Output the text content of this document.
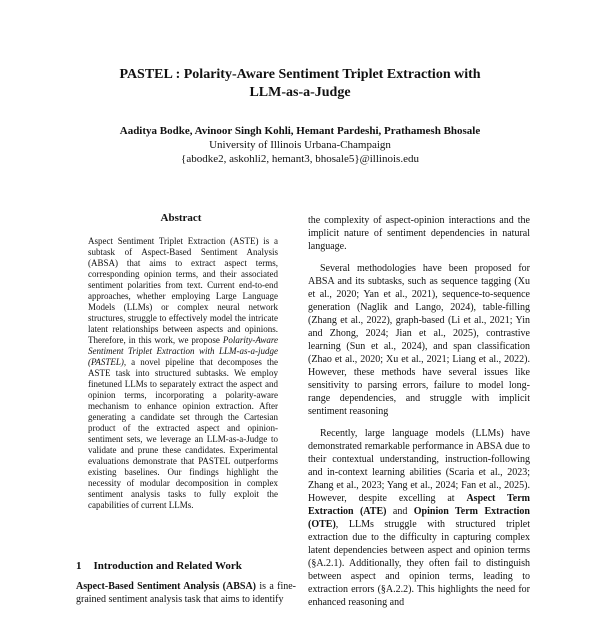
PASTEL : Polarity-Aware Sentiment Triplet Extraction with
LLM-as-a-Judge
Aaditya Bodke, Avinoor Singh Kohli, Hemant Pardeshi, Prathamesh Bhosale
University of Illinois Urbana-Champaign
{abodke2, askohli2, hemant3, bhosale5}@illinois.edu
Abstract
Aspect Sentiment Triplet Extraction (ASTE) is a subtask of Aspect-Based Sentiment Analysis (ABSA) that aims to extract aspect terms, corresponding opinion terms, and their associated sentiment polarities from text. Current end-to-end approaches, whether employing Large Language Models (LLMs) or complex neural network structures, struggle to effectively model the intricate latent relationships between aspects and opinions. Therefore, in this work, we propose Polarity-Aware Sentiment Triplet Extraction with LLM-as-a-judge (PASTEL), a novel pipeline that decomposes the ASTE task into structured subtasks. We employ finetuned LLMs to separately extract the aspect and opinion terms, incorporating a polarity-aware mechanism to enhance opinion extraction. After generating a candidate set through the Cartesian product of the extracted aspect and opinion-sentiment sets, we leverage an LLM-as-a-Judge to validate and prune these candidates. Experimental evaluations demonstrate that PASTEL outperforms existing baselines. Our findings highlight the necessity of modular decomposition in complex sentiment analysis tasks to fully exploit the capabilities of current LLMs.
1 Introduction and Related Work
Aspect-Based Sentiment Analysis (ABSA) is a fine-grained sentiment analysis task that aims to identify

the complexity of aspect-opinion interactions and the implicit nature of sentiment dependencies in natural language.

Several methodologies have been proposed for ABSA and its subtasks, such as sequence tagging (Xu et al., 2020; Yan et al., 2021), sequence-to-sequence generation (Naglik and Lango, 2024), table-filling (Zhang et al., 2022), graph-based (Li et al., 2021; Yin and Zhong, 2024; Jian et al., 2025), contrastive learning (Sun et al., 2024), and span classification (Zhao et al., 2020; Xu et al., 2021; Liang et al., 2022). However, these methods have several issues like sensitivity to parsing errors, failure to model long-range dependencies, and struggle with implicit sentiment reasoning

Recently, large language models (LLMs) have demonstrated remarkable performance in ABSA due to their contextual understanding, instruction-following and in-context learning abilities (Scaria et al., 2023; Zhang et al., 2023; Yang et al., 2024; Fan et al., 2025). However, despite excelling at Aspect Term Extraction (ATE) and Opinion Term Extraction (OTE), LLMs struggle with structured triplet extraction due to the difficulty in capturing complex latent dependencies between aspect and opinion terms (§A.2.1). Additionally, they often fail to distinguish between aspect and opinion terms, leading to extraction errors (§A.2.2). This highlights the need for enhanced reasoning and
